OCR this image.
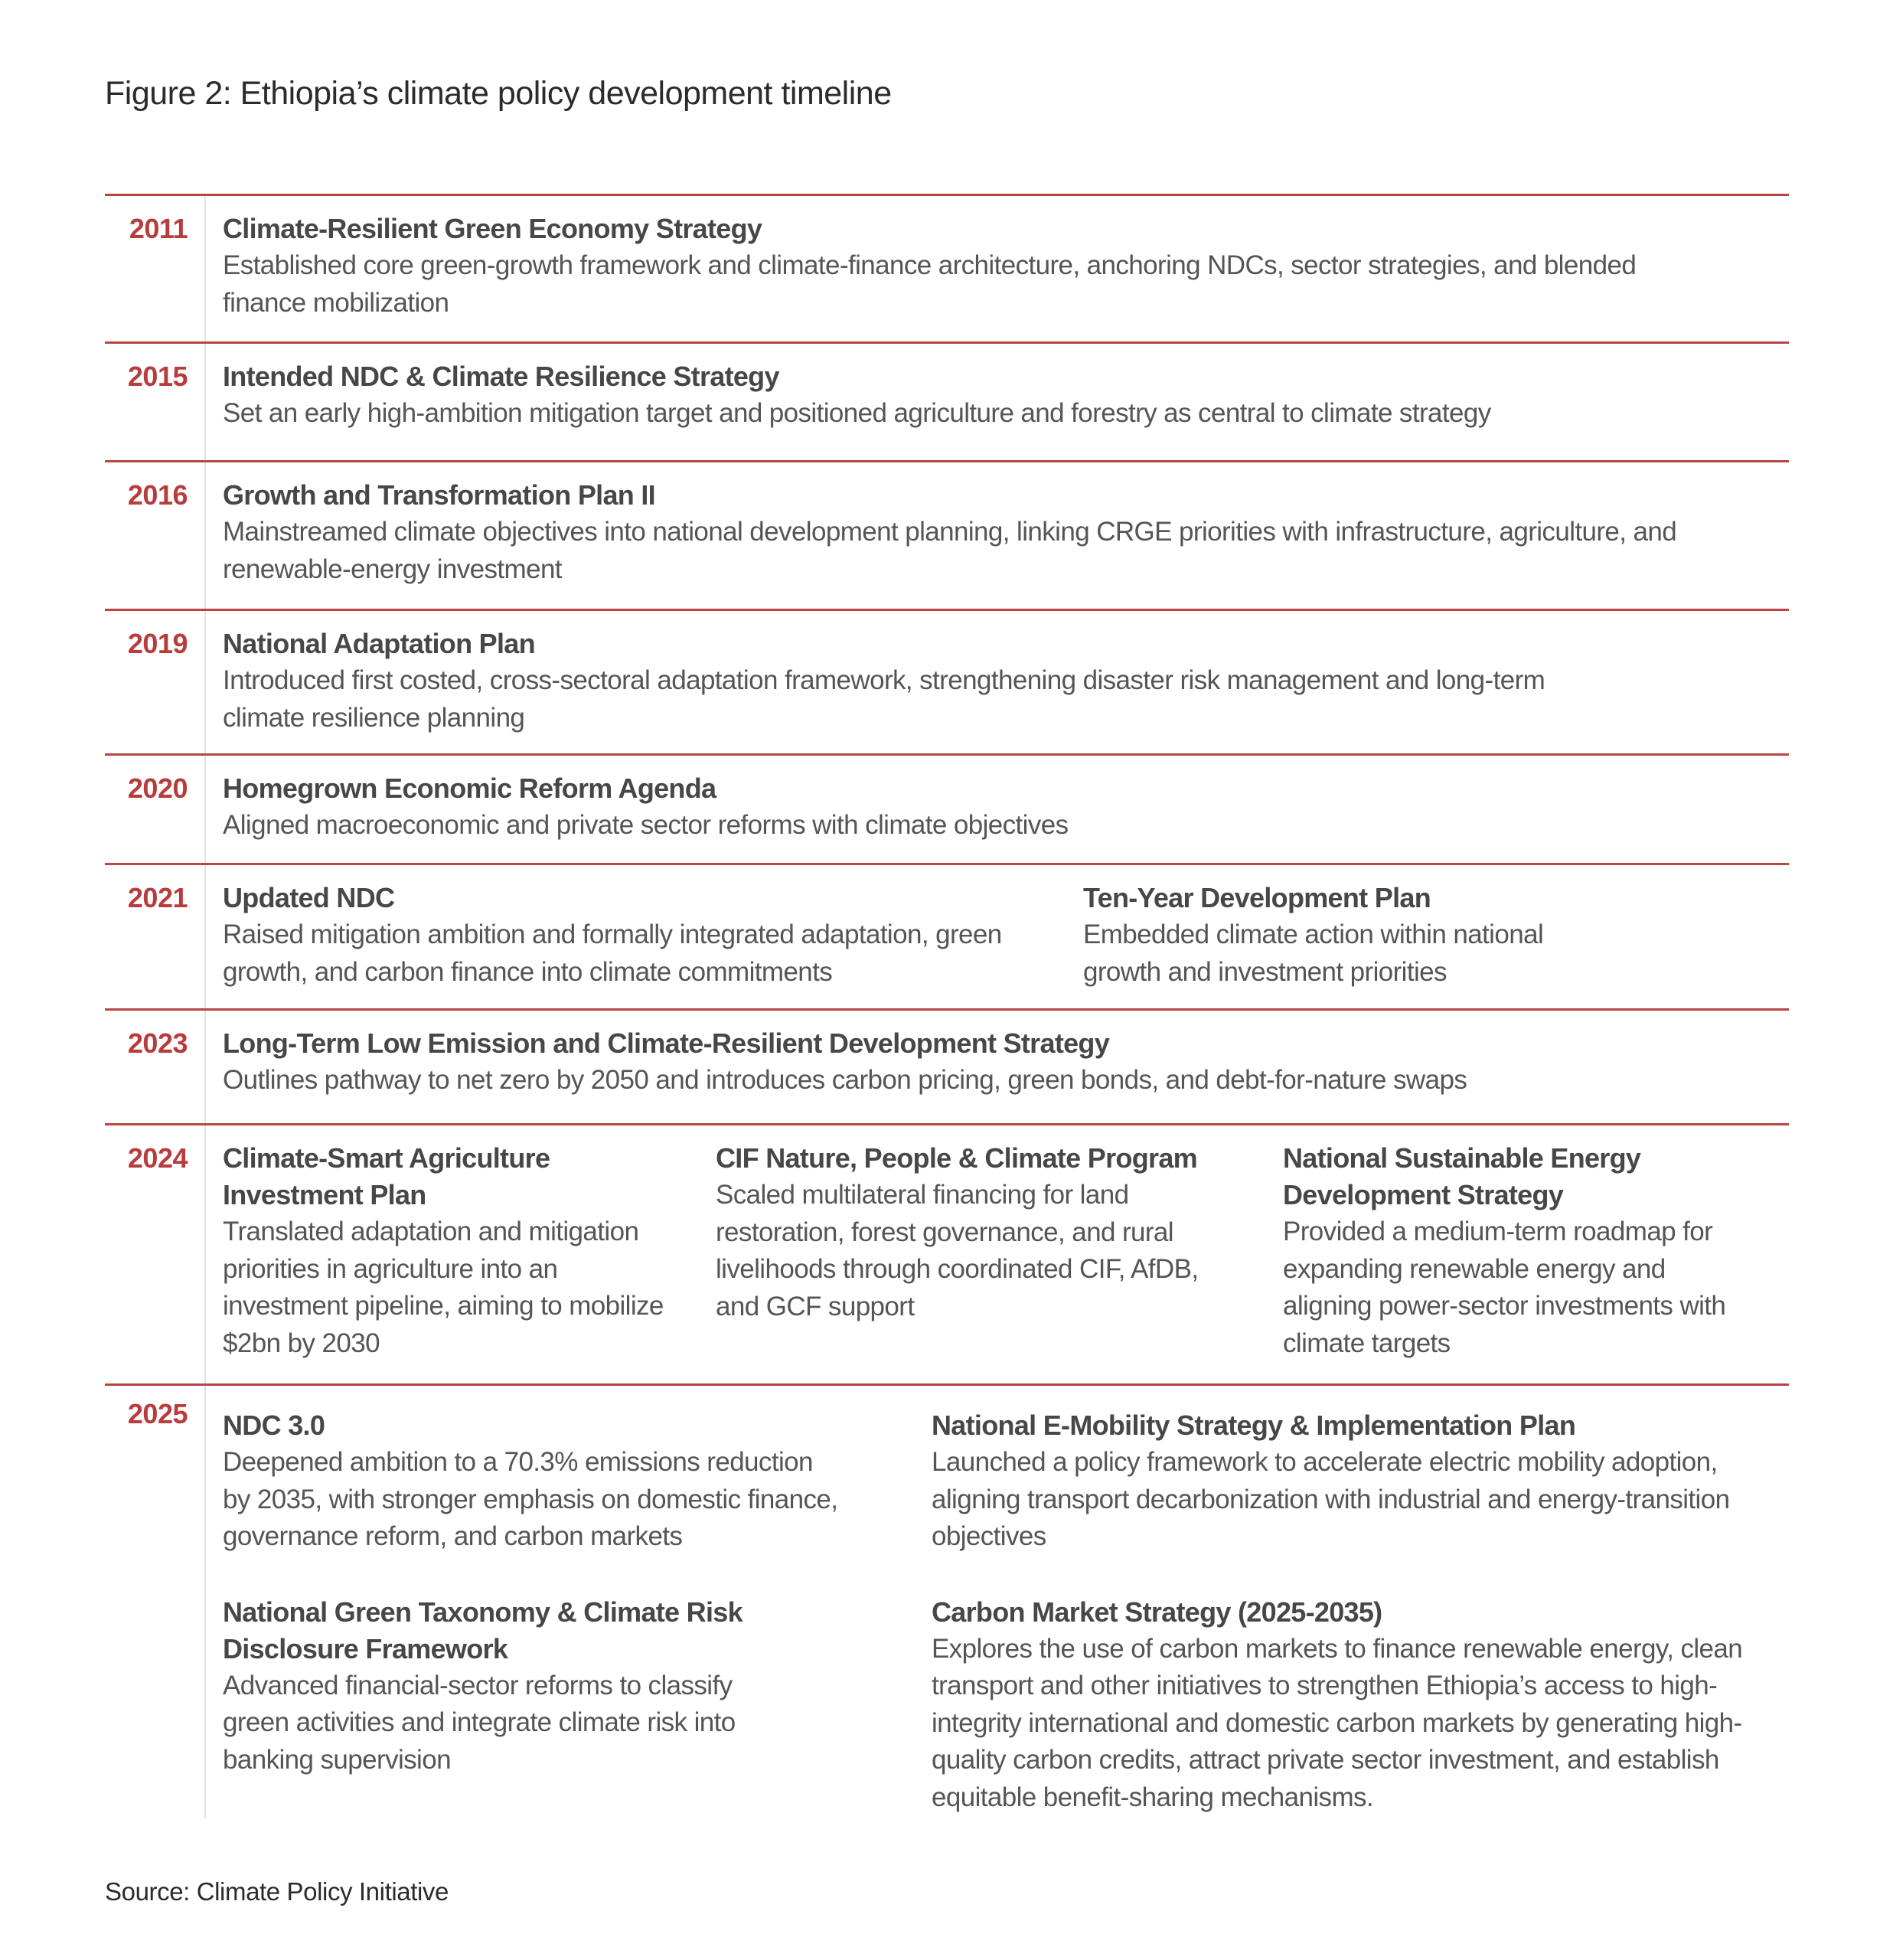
Figure 2: Ethiopia’s climate policy development timeline
2011 Climate-Resilient Green Economy Strategy
Established core green-growth framework and climate-finance architecture, anchoring NDCs, sector strategies, and blended finance mobilization
2015 Intended NDC & Climate Resilience Strategy
Set an early high-ambition mitigation target and positioned agriculture and forestry as central to climate strategy
2016 Growth and Transformation Plan II
Mainstreamed climate objectives into national development planning, linking CRGE priorities with infrastructure, agriculture, and renewable-energy investment
2019 National Adaptation Plan
Introduced first costed, cross-sectoral adaptation framework, strengthening disaster risk management and long-term climate resilience planning
2020 Homegrown Economic Reform Agenda
Aligned macroeconomic and private sector reforms with climate objectives
2021 Updated NDC
Raised mitigation ambition and formally integrated adaptation, green growth, and carbon finance into climate commitments
Ten-Year Development Plan
Embedded climate action within national growth and investment priorities
2023 Long-Term Low Emission and Climate-Resilient Development Strategy
Outlines pathway to net zero by 2050 and introduces carbon pricing, green bonds, and debt-for-nature swaps
2024 Climate-Smart Agriculture Investment Plan
Translated adaptation and mitigation priorities in agriculture into an investment pipeline, aiming to mobilize $2bn by 2030
CIF Nature, People & Climate Program
Scaled multilateral financing for land restoration, forest governance, and rural livelihoods through coordinated CIF, AfDB, and GCF support
National Sustainable Energy Development Strategy
Provided a medium-term roadmap for expanding renewable energy and aligning power-sector investments with climate targets
2025 NDC 3.0
Deepened ambition to a 70.3% emissions reduction by 2035, with stronger emphasis on domestic finance, governance reform, and carbon markets
National Green Taxonomy & Climate Risk Disclosure Framework
Advanced financial-sector reforms to classify green activities and integrate climate risk into banking supervision
National E-Mobility Strategy & Implementation Plan
Launched a policy framework to accelerate electric mobility adoption, aligning transport decarbonization with industrial and energy-transition objectives
Carbon Market Strategy (2025-2035)
Explores the use of carbon markets to finance renewable energy, clean transport and other initiatives to strengthen Ethiopia’s access to high-integrity international and domestic carbon markets by generating high-quality carbon credits, attract private sector investment, and establish equitable benefit-sharing mechanisms.
Source: Climate Policy Initiative
